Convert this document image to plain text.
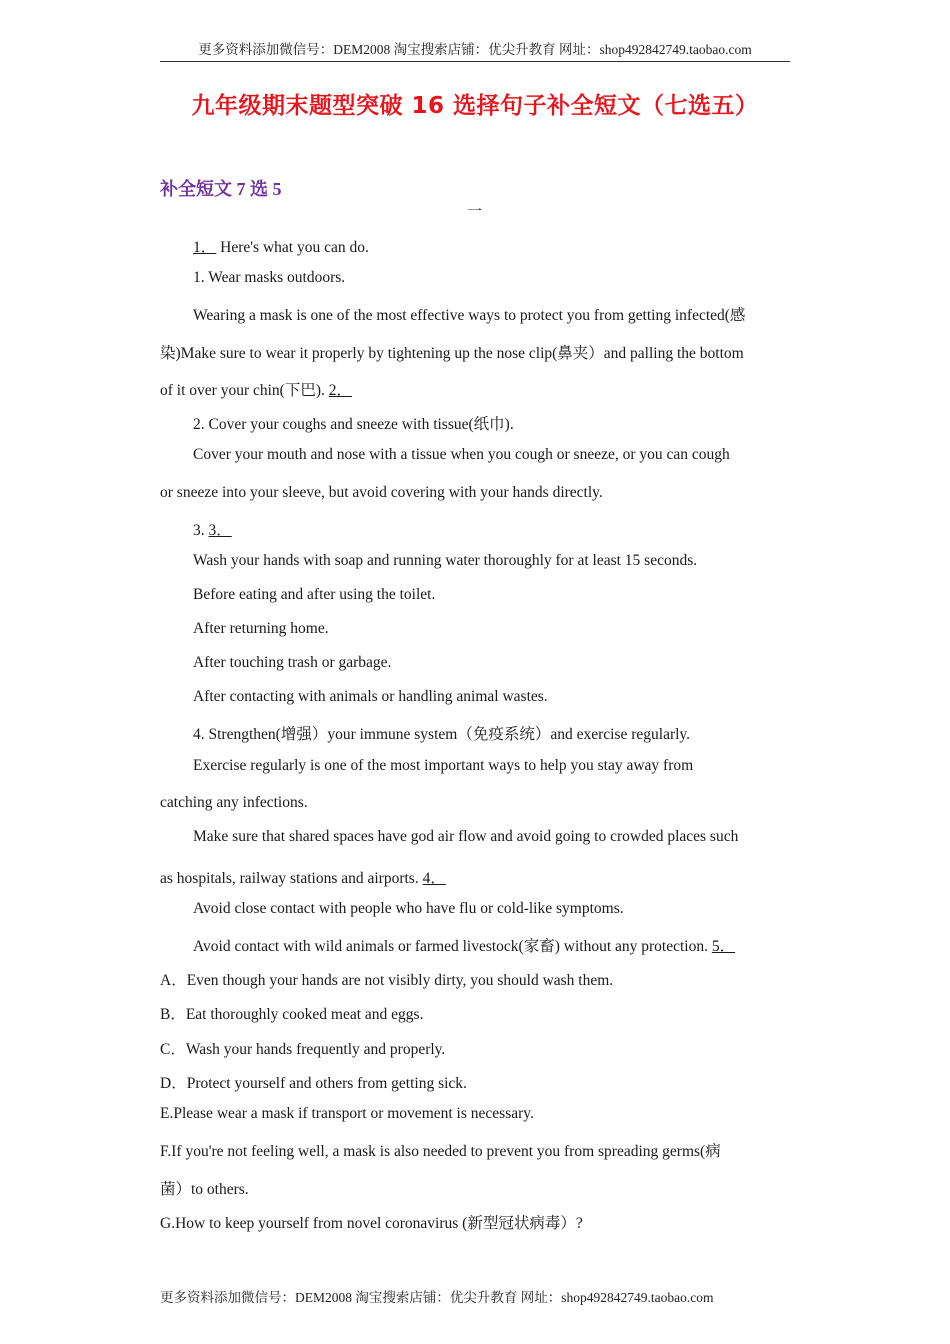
更多资料添加微信号：DEM2008 淘宝搜索店铺：优尖升教育 网址：shop492842749.taobao.com
九年级期末题型突破 16 选择句子补全短文（七选五）
补全短文 7 选 5
一
1． Here's what you can do.
1. Wear masks outdoors.
Wearing a mask is one of the most effective ways to protect you from getting infected(感
染)Make sure to wear it properly by tightening up the nose clip(鼻夹）and palling the bottom
of it over your chin(下巴). 2．
2. Cover your coughs and sneeze with tissue(纸巾).
Cover your mouth and nose with a tissue when you cough or sneeze, or you can cough
or sneeze into your sleeve, but avoid covering with your hands directly.
3. 3．
Wash your hands with soap and running water thoroughly for at least 15 seconds.
Before eating and after using the toilet.
After returning home.
After touching trash or garbage.
After contacting with animals or handling animal wastes.
4. Strengthen(增强）your immune system（免疫系统）and exercise regularly.
Exercise regularly is one of the most important ways to help you stay away from
catching any infections.
Make sure that shared spaces have god air flow and avoid going to crowded places such
as hospitals, railway stations and airports. 4．
Avoid close contact with people who have flu or cold-like symptoms.
Avoid contact with wild animals or farmed livestock(家畜) without any protection. 5．
A．Even though your hands are not visibly dirty, you should wash them.
B．Eat thoroughly cooked meat and eggs.
C．Wash your hands frequently and properly.
D．Protect yourself and others from getting sick.
E.Please wear a mask if transport or movement is necessary.
F.If you're not feeling well, a mask is also needed to prevent you from spreading germs(病
菌）to others.
G.How to keep yourself from novel coronavirus (新型冠状病毒）?
更多资料添加微信号：DEM2008 淘宝搜索店铺：优尖升教育 网址：shop492842749.taobao.com
